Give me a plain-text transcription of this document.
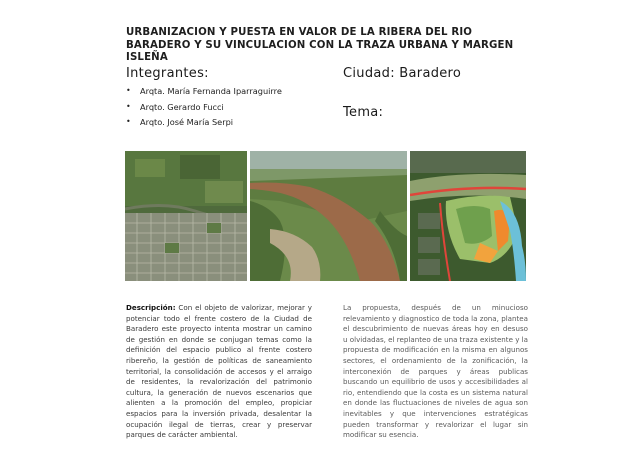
URBANIZACION Y PUESTA EN VALOR DE LA RIBERA DEL RIO BARADERO Y SU VINCULACION CON LA TRAZA URBANA Y MARGEN ISLEÑA
Integrantes:
• Arqta. María Fernanda Iparraguirre
• Arqto. Gerardo Fucci
• Arqto. José María Serpi
Ciudad: Baradero
Tema:
Descripción: Con el objeto de valorizar, mejorar y potenciar todo el frente costero de la Ciudad de Baradero este proyecto intenta mostrar un camino de gestión en donde se conjugan temas como la definición del espacio publico al frente costero ribereño, la gestión de políticas de saneamiento territorial, la consolidación de accesos y el arraigo de residentes, la revalorización del patrimonio cultura, la generación de nuevos escenarios que alienten a la promoción del empleo, propiciar espacios para la inversión privada, desalentar la ocupación ilegal de tierras, crear y preservar parques de carácter ambiental.
La propuesta, después de un minucioso relevamiento y diagnostico de toda la zona, plantea el descubrimiento de nuevas áreas hoy en desuso u olvidadas, el replanteo de una traza existente y la propuesta de modificación en la misma en algunos sectores, el ordenamiento de la zonificación, la interconexión de parques y áreas publicas buscando un equilibrio de usos y accesibilidades al rio, entendiendo que la costa es un sistema natural en donde las fluctuaciones de niveles de agua son inevitables y que intervenciones estratégicas pueden transformar y revalorizar el lugar sin modificar su esencia.
